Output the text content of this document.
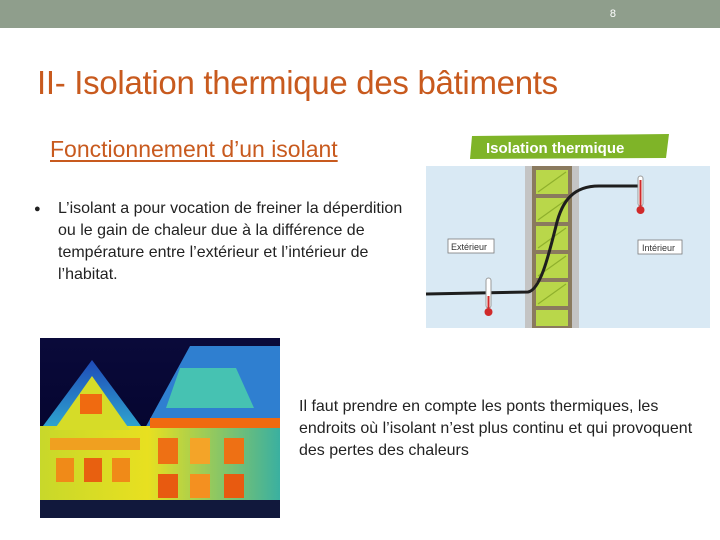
8
II- Isolation thermique des bâtiments
Fonctionnement d’un isolant
●	L’isolant a pour vocation de freiner la déperdition ou le gain de chaleur due à la différence de température entre l’extérieur et l’intérieur de l’habitat.
Isolation thermique
Extérieur	Intérieur
Il faut prendre en compte les ponts thermiques, les endroits où l’isolant n’est plus continu et qui provoquent des pertes des chaleurs
